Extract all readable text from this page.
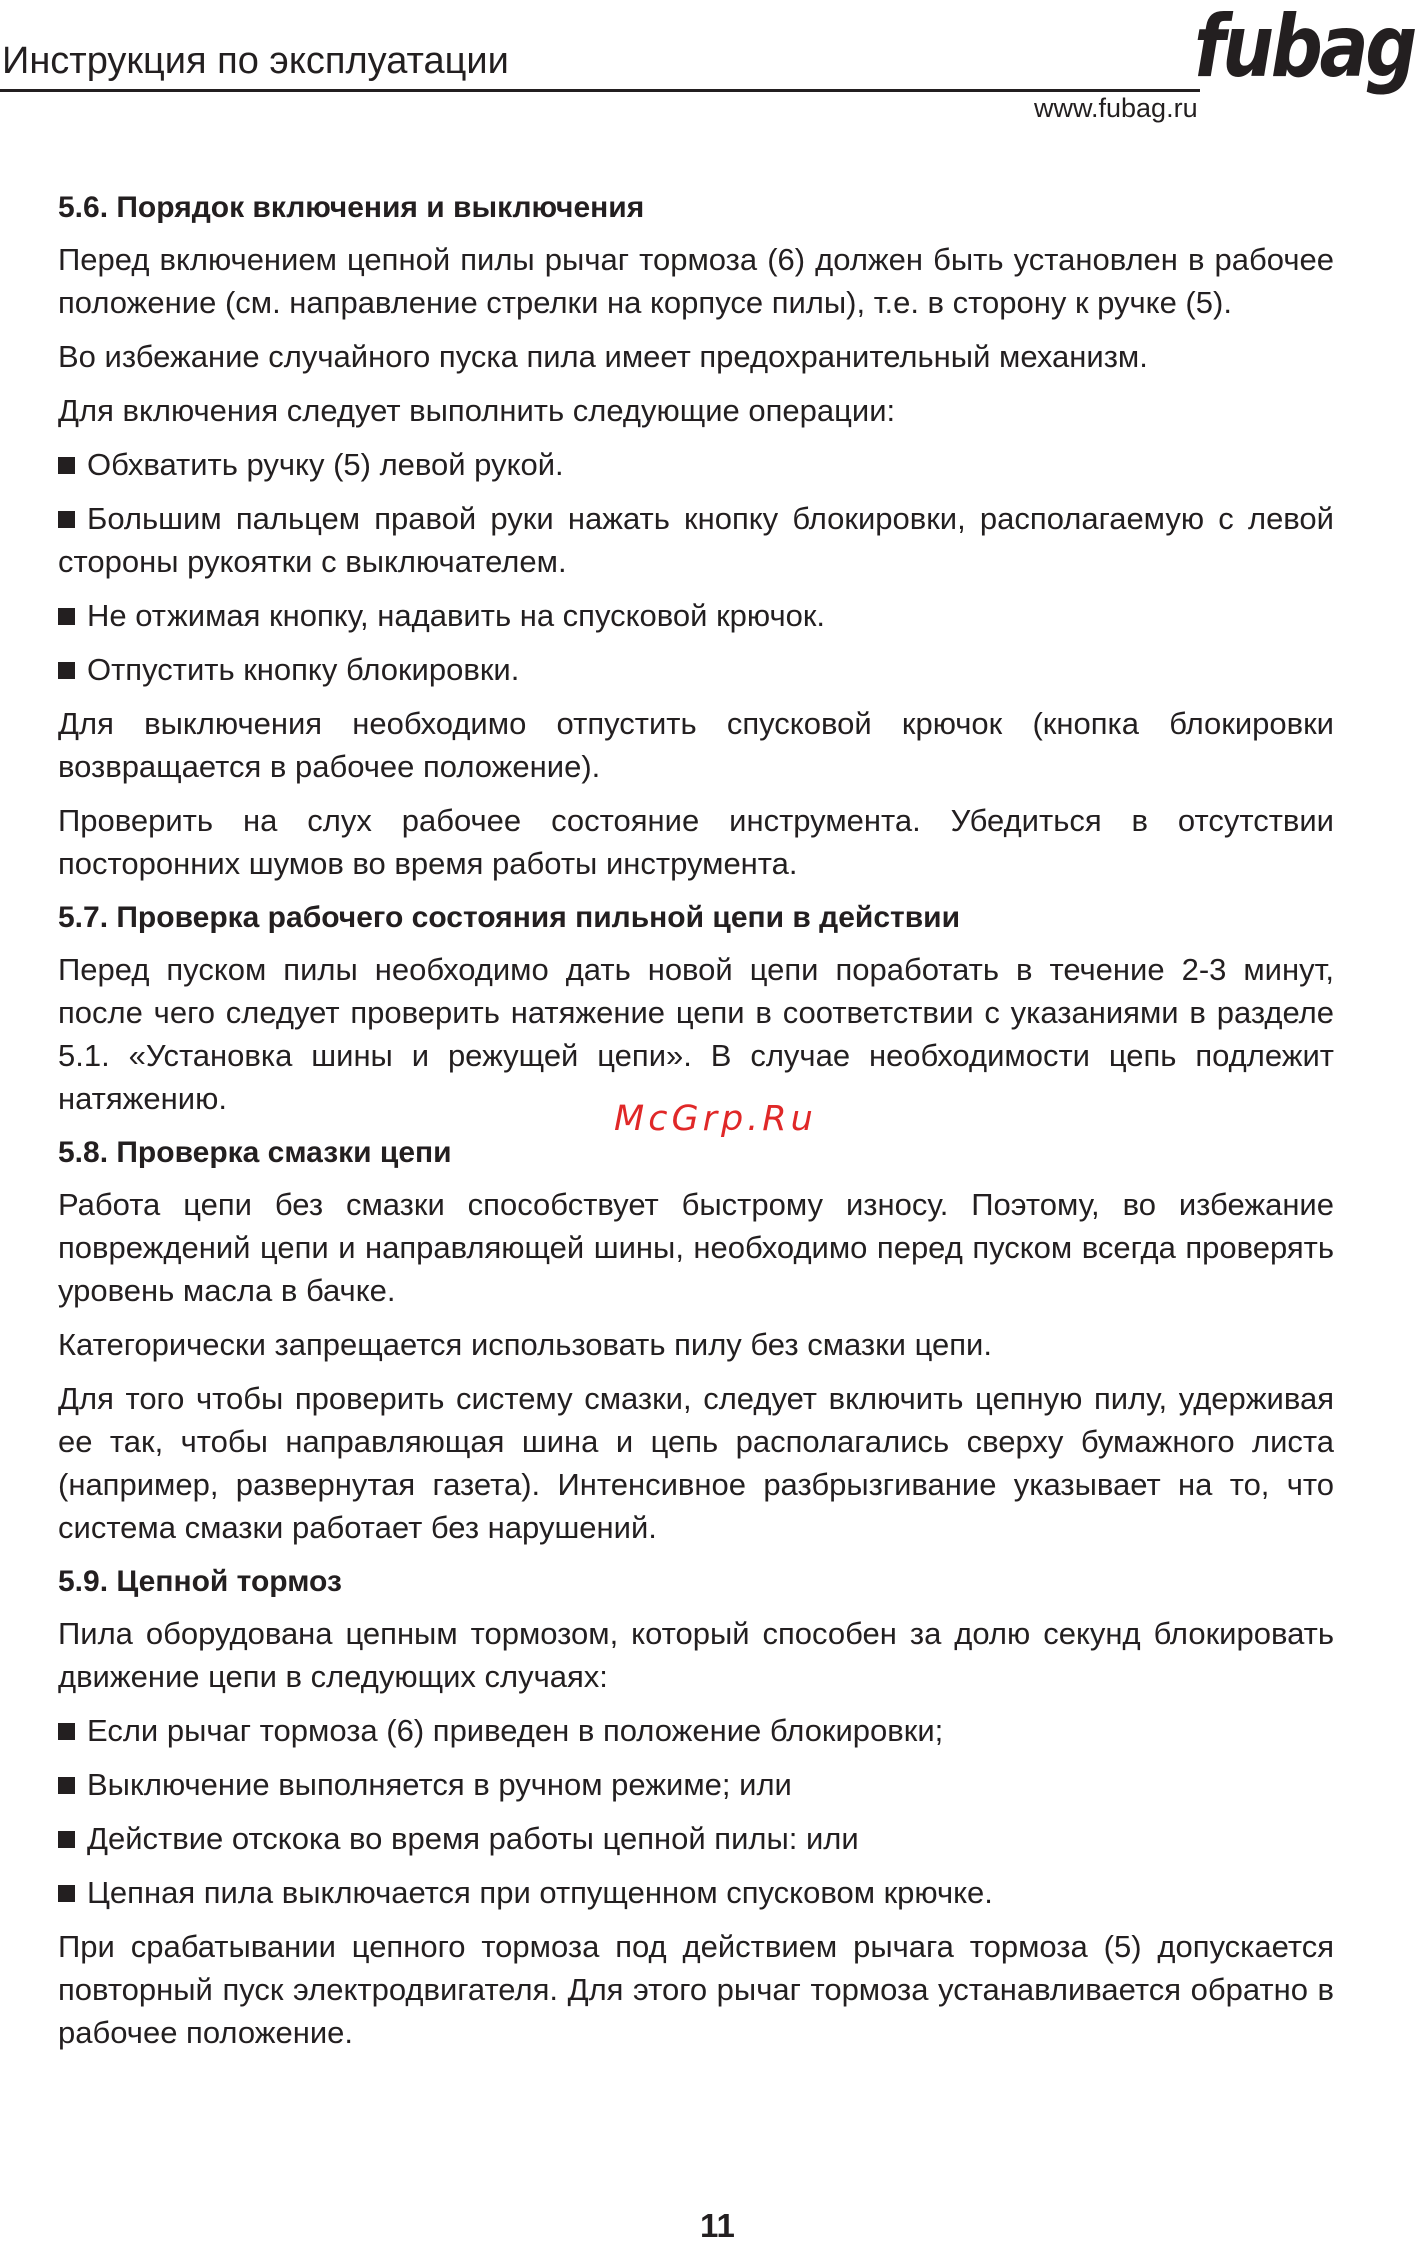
Инструкция по эксплуатации	fubag
www.fubag.ru
5.6. Порядок включения и выключения

Перед включением цепной пилы рычаг тормоза (6) должен быть установлен в рабочее положение (см. направление стрелки на корпусе пилы), т.е. в сторону к ручке (5).

Во избежание случайного пуска пила имеет предохранительный механизм.

Для включения следует выполнить следующие операции:

Обхватить ручку (5) левой рукой.

Большим пальцем правой руки нажать кнопку блокировки, располагаемую с левой стороны рукоятки с выключателем.

Не отжимая кнопку, надавить на спусковой крючок.

Отпустить кнопку блокировки.

Для выключения необходимо отпустить спусковой крючок (кнопка блокировки возвращается в рабочее положение).

Проверить на слух рабочее состояние инструмента. Убедиться в отсутствии посторонних шумов во время работы инструмента.

5.7. Проверка рабочего состояния пильной цепи в действии

Перед пуском пилы необходимо дать новой цепи поработать в течение 2-3 минут, после чего следует проверить натяжение цепи в соответствии с указаниями в разделе 5.1. «Установка шины и режущей цепи». В случае необходимости цепь подлежит натяжению.

5.8. Проверка смазки цепи

Работа цепи без смазки способствует быстрому износу. Поэтому, во избежание повреждений цепи и направляющей шины, необходимо перед пуском всегда проверять уровень масла в бачке.

Категорически запрещается использовать пилу без смазки цепи.

Для того чтобы проверить систему смазки, следует включить цепную пилу, удерживая ее так, чтобы направляющая шина и цепь располагались сверху бумажного листа (например, развернутая газета). Интенсивное разбрызгивание указывает на то, что система смазки работает без нарушений.

5.9. Цепной тормоз

Пила оборудована цепным тормозом, который способен за долю секунд блокировать движение цепи в следующих случаях:

Если рычаг тормоза (6) приведен в положение блокировки;

Выключение выполняется в ручном режиме; или

Действие отскока во время работы цепной пилы: или

Цепная пила выключается при отпущенном спусковом крючке.

При срабатывании цепного тормоза под действием рычага тормоза (5) допускается повторный пуск электродвигателя. Для этого рычаг тормоза устанавливается обратно в рабочее положение.

McGrp.Ru
11
